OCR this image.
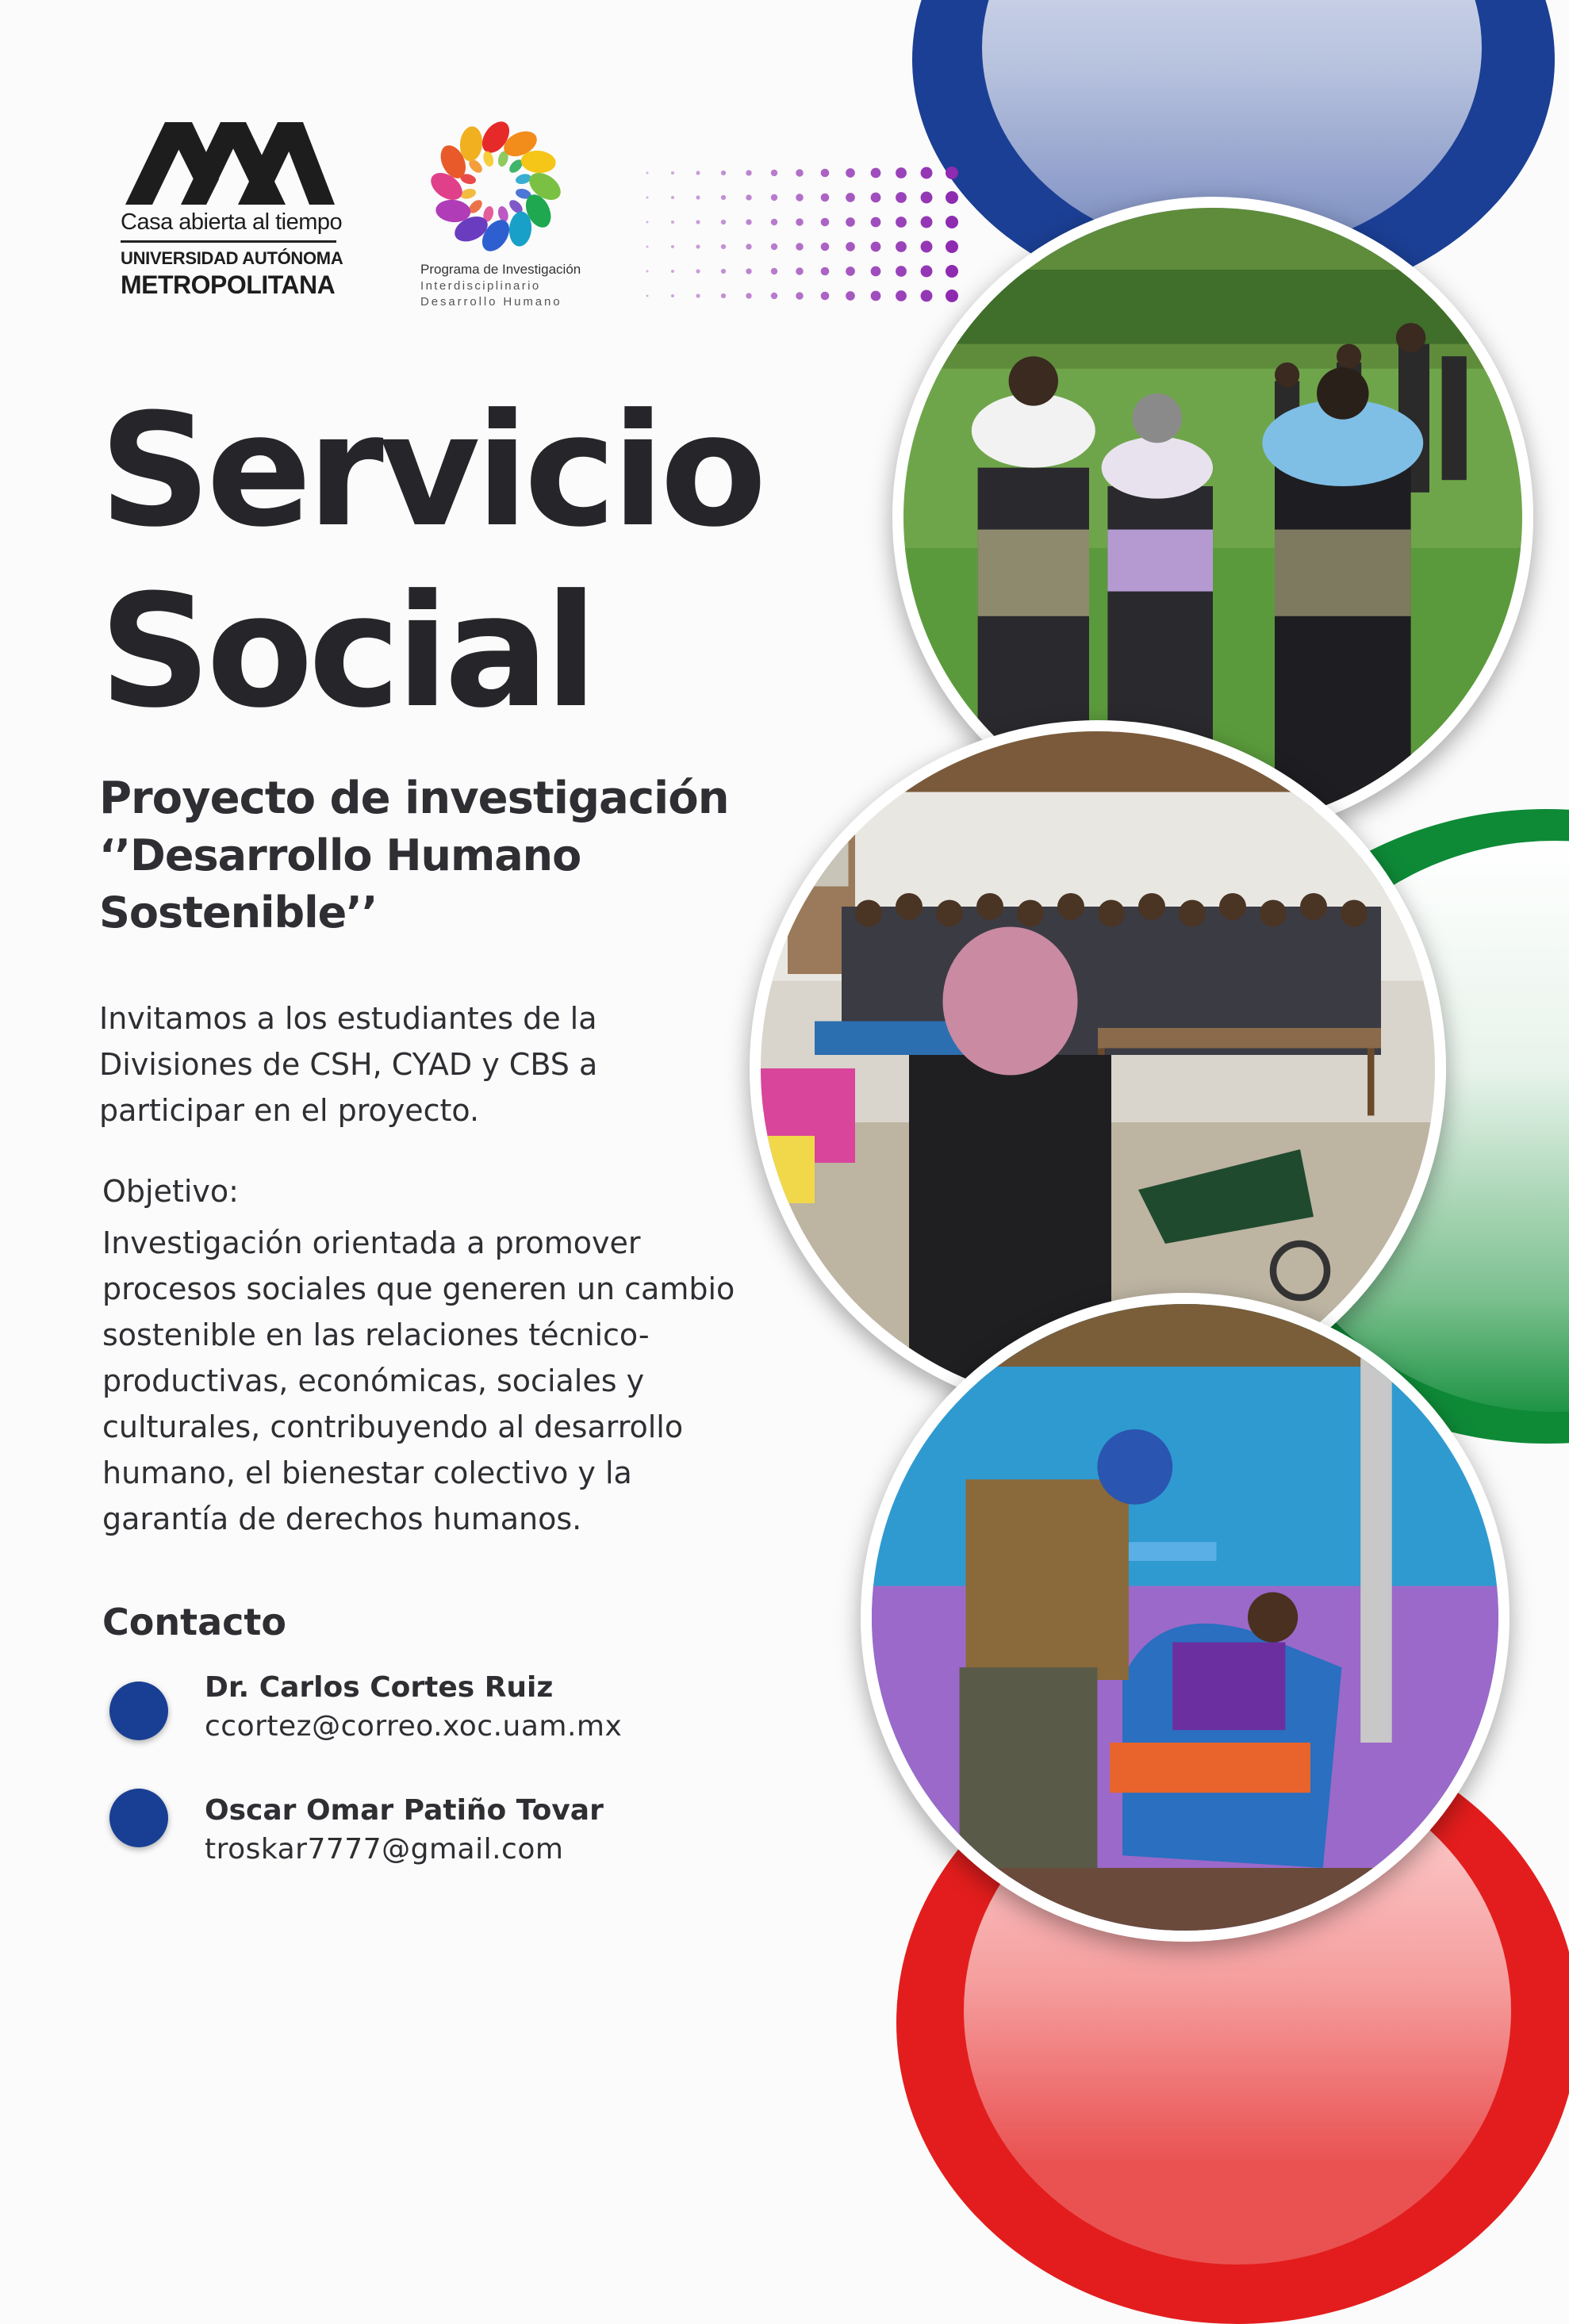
Casa abierta al tiempo
UNIVERSIDAD AUTÓNOMA
METROPOLITANA
Programa de Investigación
Interdisciplinario
Desarrollo Humano
Servicio
Social
Proyecto de investigación
‘’Desarrollo Humano
Sostenible’’
Invitamos a los estudiantes de la
Divisiones de CSH, CYAD y CBS a
participar en el proyecto.
Objetivo:
Investigación orientada a promover
procesos sociales que generen un cambio
sostenible en las relaciones técnico-
productivas, económicas, sociales y
culturales, contribuyendo al desarrollo
humano, el bienestar colectivo y la
garantía de derechos humanos.
Contacto
Dr. Carlos Cortes Ruiz
ccortez@correo.xoc.uam.mx
Oscar Omar Patiño Tovar
troskar7777@gmail.com
